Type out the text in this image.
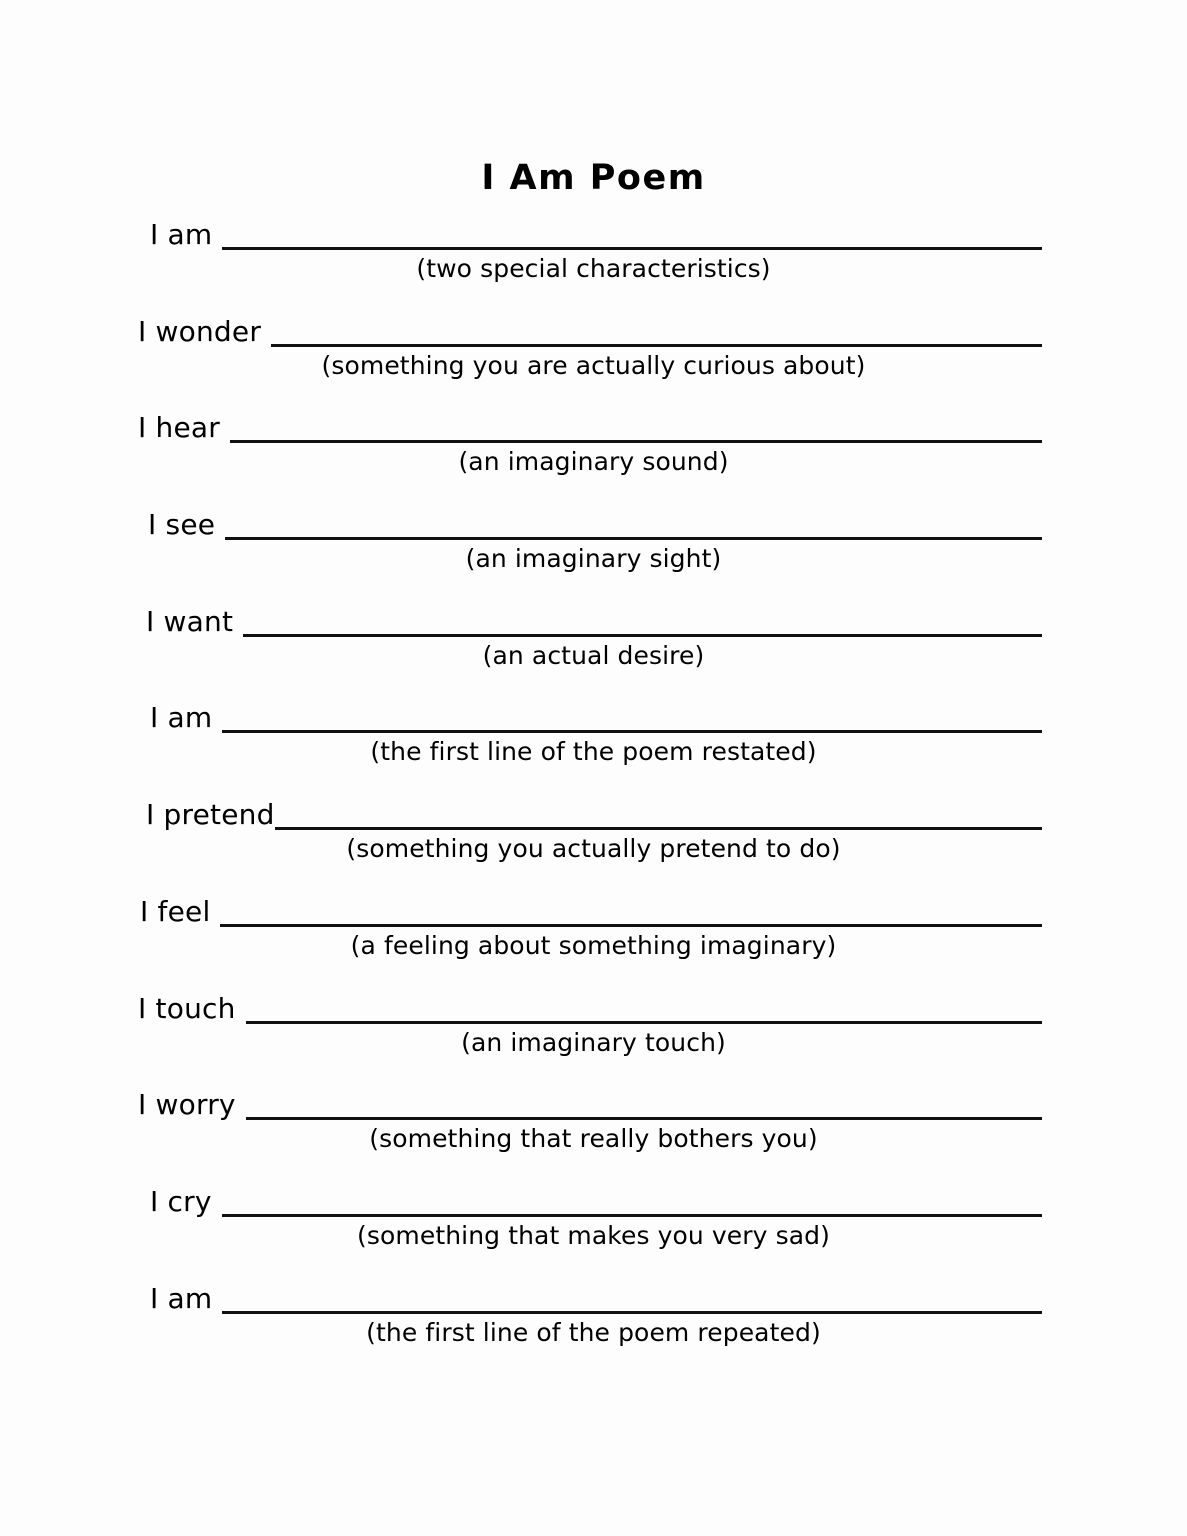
I Am Poem
I am
(two special characteristics)
I wonder
(something you are actually curious about)
I hear
(an imaginary sound)
I see
(an imaginary sight)
I want
(an actual desire)
I am
(the first line of the poem restated)
I pretend
(something you actually pretend to do)
I feel
(a feeling about something imaginary)
I touch
(an imaginary touch)
I worry
(something that really bothers you)
I cry
(something that makes you very sad)
I am
(the first line of the poem repeated)
